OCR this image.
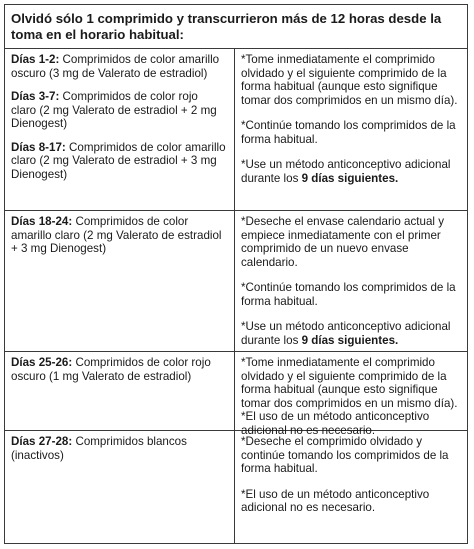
Olvidó sólo 1 comprimido y transcurrieron más de 12 horas desde la toma en el horario habitual:
Días 1-2: Comprimidos de color amarillo oscuro (3 mg de Valerato de estradiol)
Días 3-7: Comprimidos de color rojo claro (2 mg Valerato de estradiol + 2 mg Dienogest)
Días 8-17: Comprimidos de color amarillo claro (2 mg Valerato de estradiol + 3 mg Dienogest)
*Tome inmediatamente el comprimido olvidado y el siguiente comprimido de la forma habitual (aunque esto signifique tomar dos comprimidos en un mismo día).
*Continúe tomando los comprimidos de la forma habitual.
*Use un método anticonceptivo adicional durante los 9 días siguientes.
Días 18-24: Comprimidos de color amarillo claro (2 mg Valerato de estradiol + 3 mg Dienogest)
*Deseche el envase calendario actual y empiece inmediatamente con el primer comprimido de un nuevo envase calendario.
*Continúe tomando los comprimidos de la forma habitual.
*Use un método anticonceptivo adicional durante los 9 días siguientes.
Días 25-26: Comprimidos de color rojo oscuro (1 mg Valerato de estradiol)
*Tome inmediatamente el comprimido olvidado y el siguiente comprimido de la forma habitual (aunque esto signifique tomar dos comprimidos en un mismo día).
*El uso de un método anticonceptivo adicional no es necesario.
Días 27-28: Comprimidos blancos (inactivos)
*Deseche el comprimido olvidado y continúe tomando los comprimidos de la forma habitual.
*El uso de un método anticonceptivo adicional no es necesario.
